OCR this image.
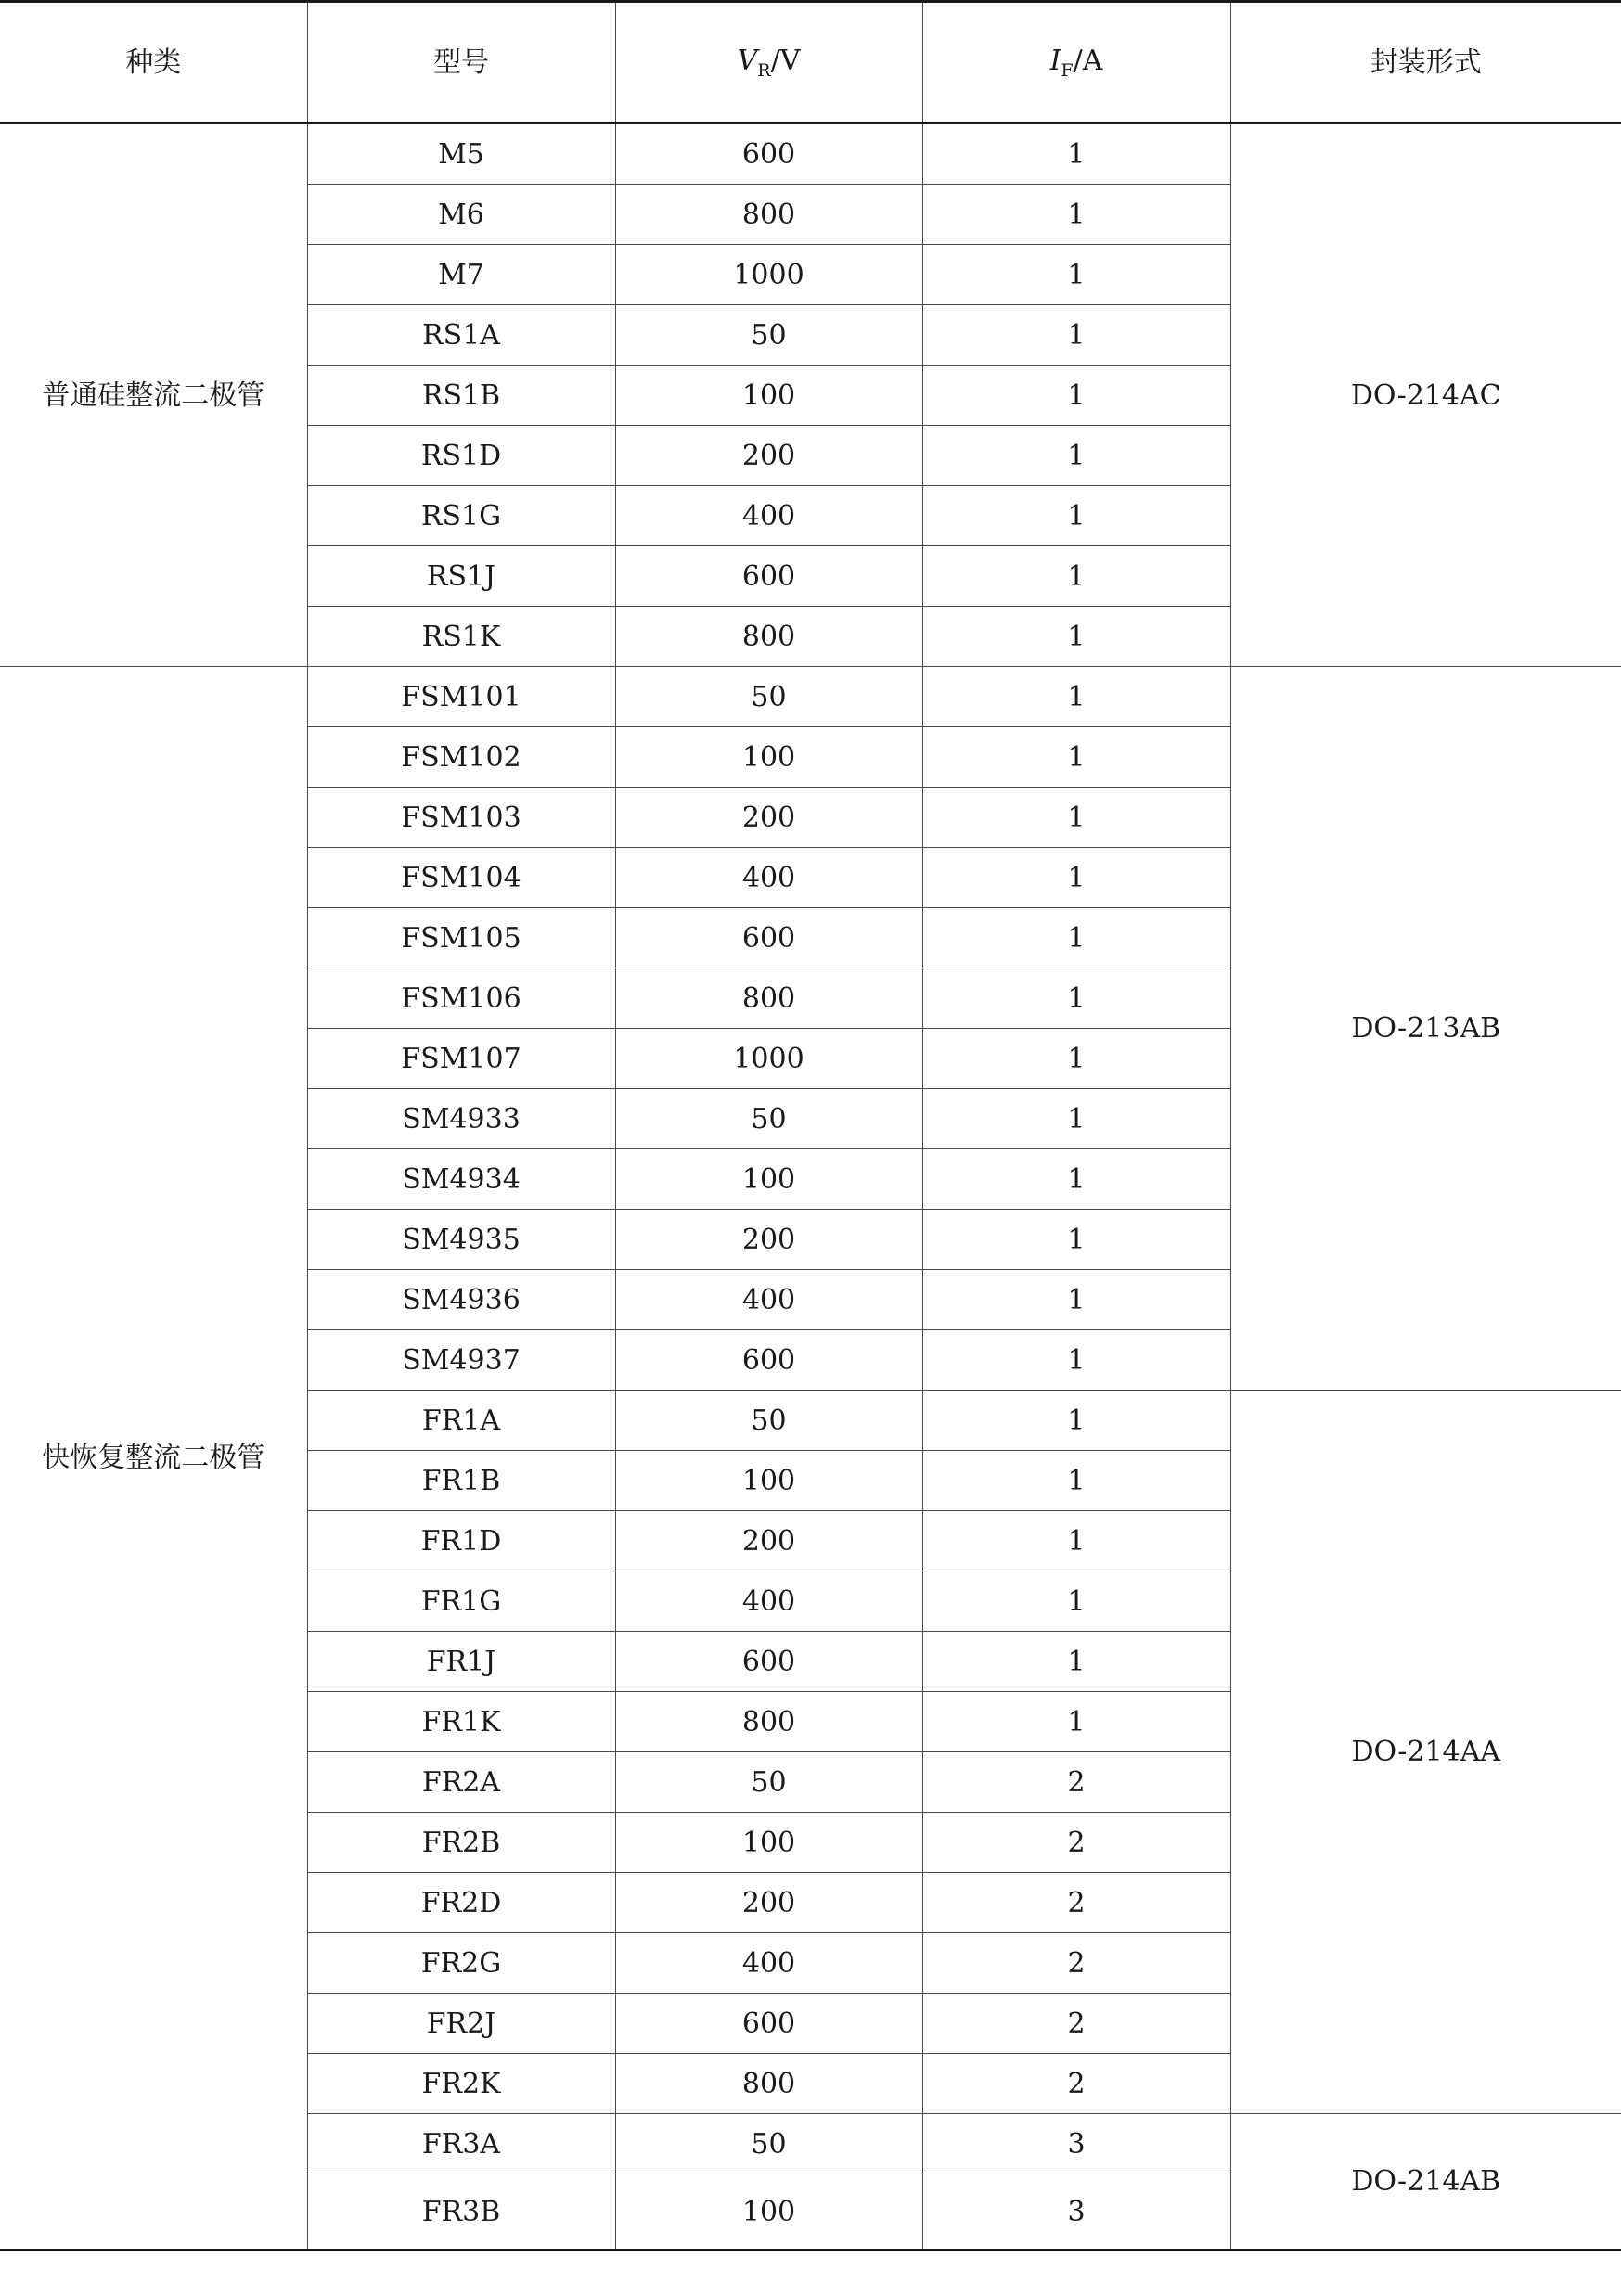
种类	型号	$V_R/V$	$I_F/A$	封装形式
普通硅整流二极管	M5	600	1	DO-214AC
	M6	800	1	
	M7	1000	1	
	RS1A	50	1	
	RS1B	100	1	
	RS1D	200	1	
	RS1G	400	1	
	RS1J	600	1	
	RS1K	800	1	
快恢复整流二极管	FSM101	50	1	DO-213AB
	FSM102	100	1	
	FSM103	200	1	
	FSM104	400	1	
	FSM105	600	1	
	FSM106	800	1	
	FSM107	1000	1	
	SM4933	50	1	
	SM4934	100	1	
	SM4935	200	1	
	SM4936	400	1	
	SM4937	600	1	
	FR1A	50	1	DO-214AA
	FR1B	100	1	
	FR1D	200	1	
	FR1G	400	1	
	FR1J	600	1	
	FR1K	800	1	
	FR2A	50	2	
	FR2B	100	2	
	FR2D	200	2	
	FR2G	400	2	
	FR2J	600	2	
	FR2K	800	2	
	FR3A	50	3	DO-214AB
	FR3B	100	3	
